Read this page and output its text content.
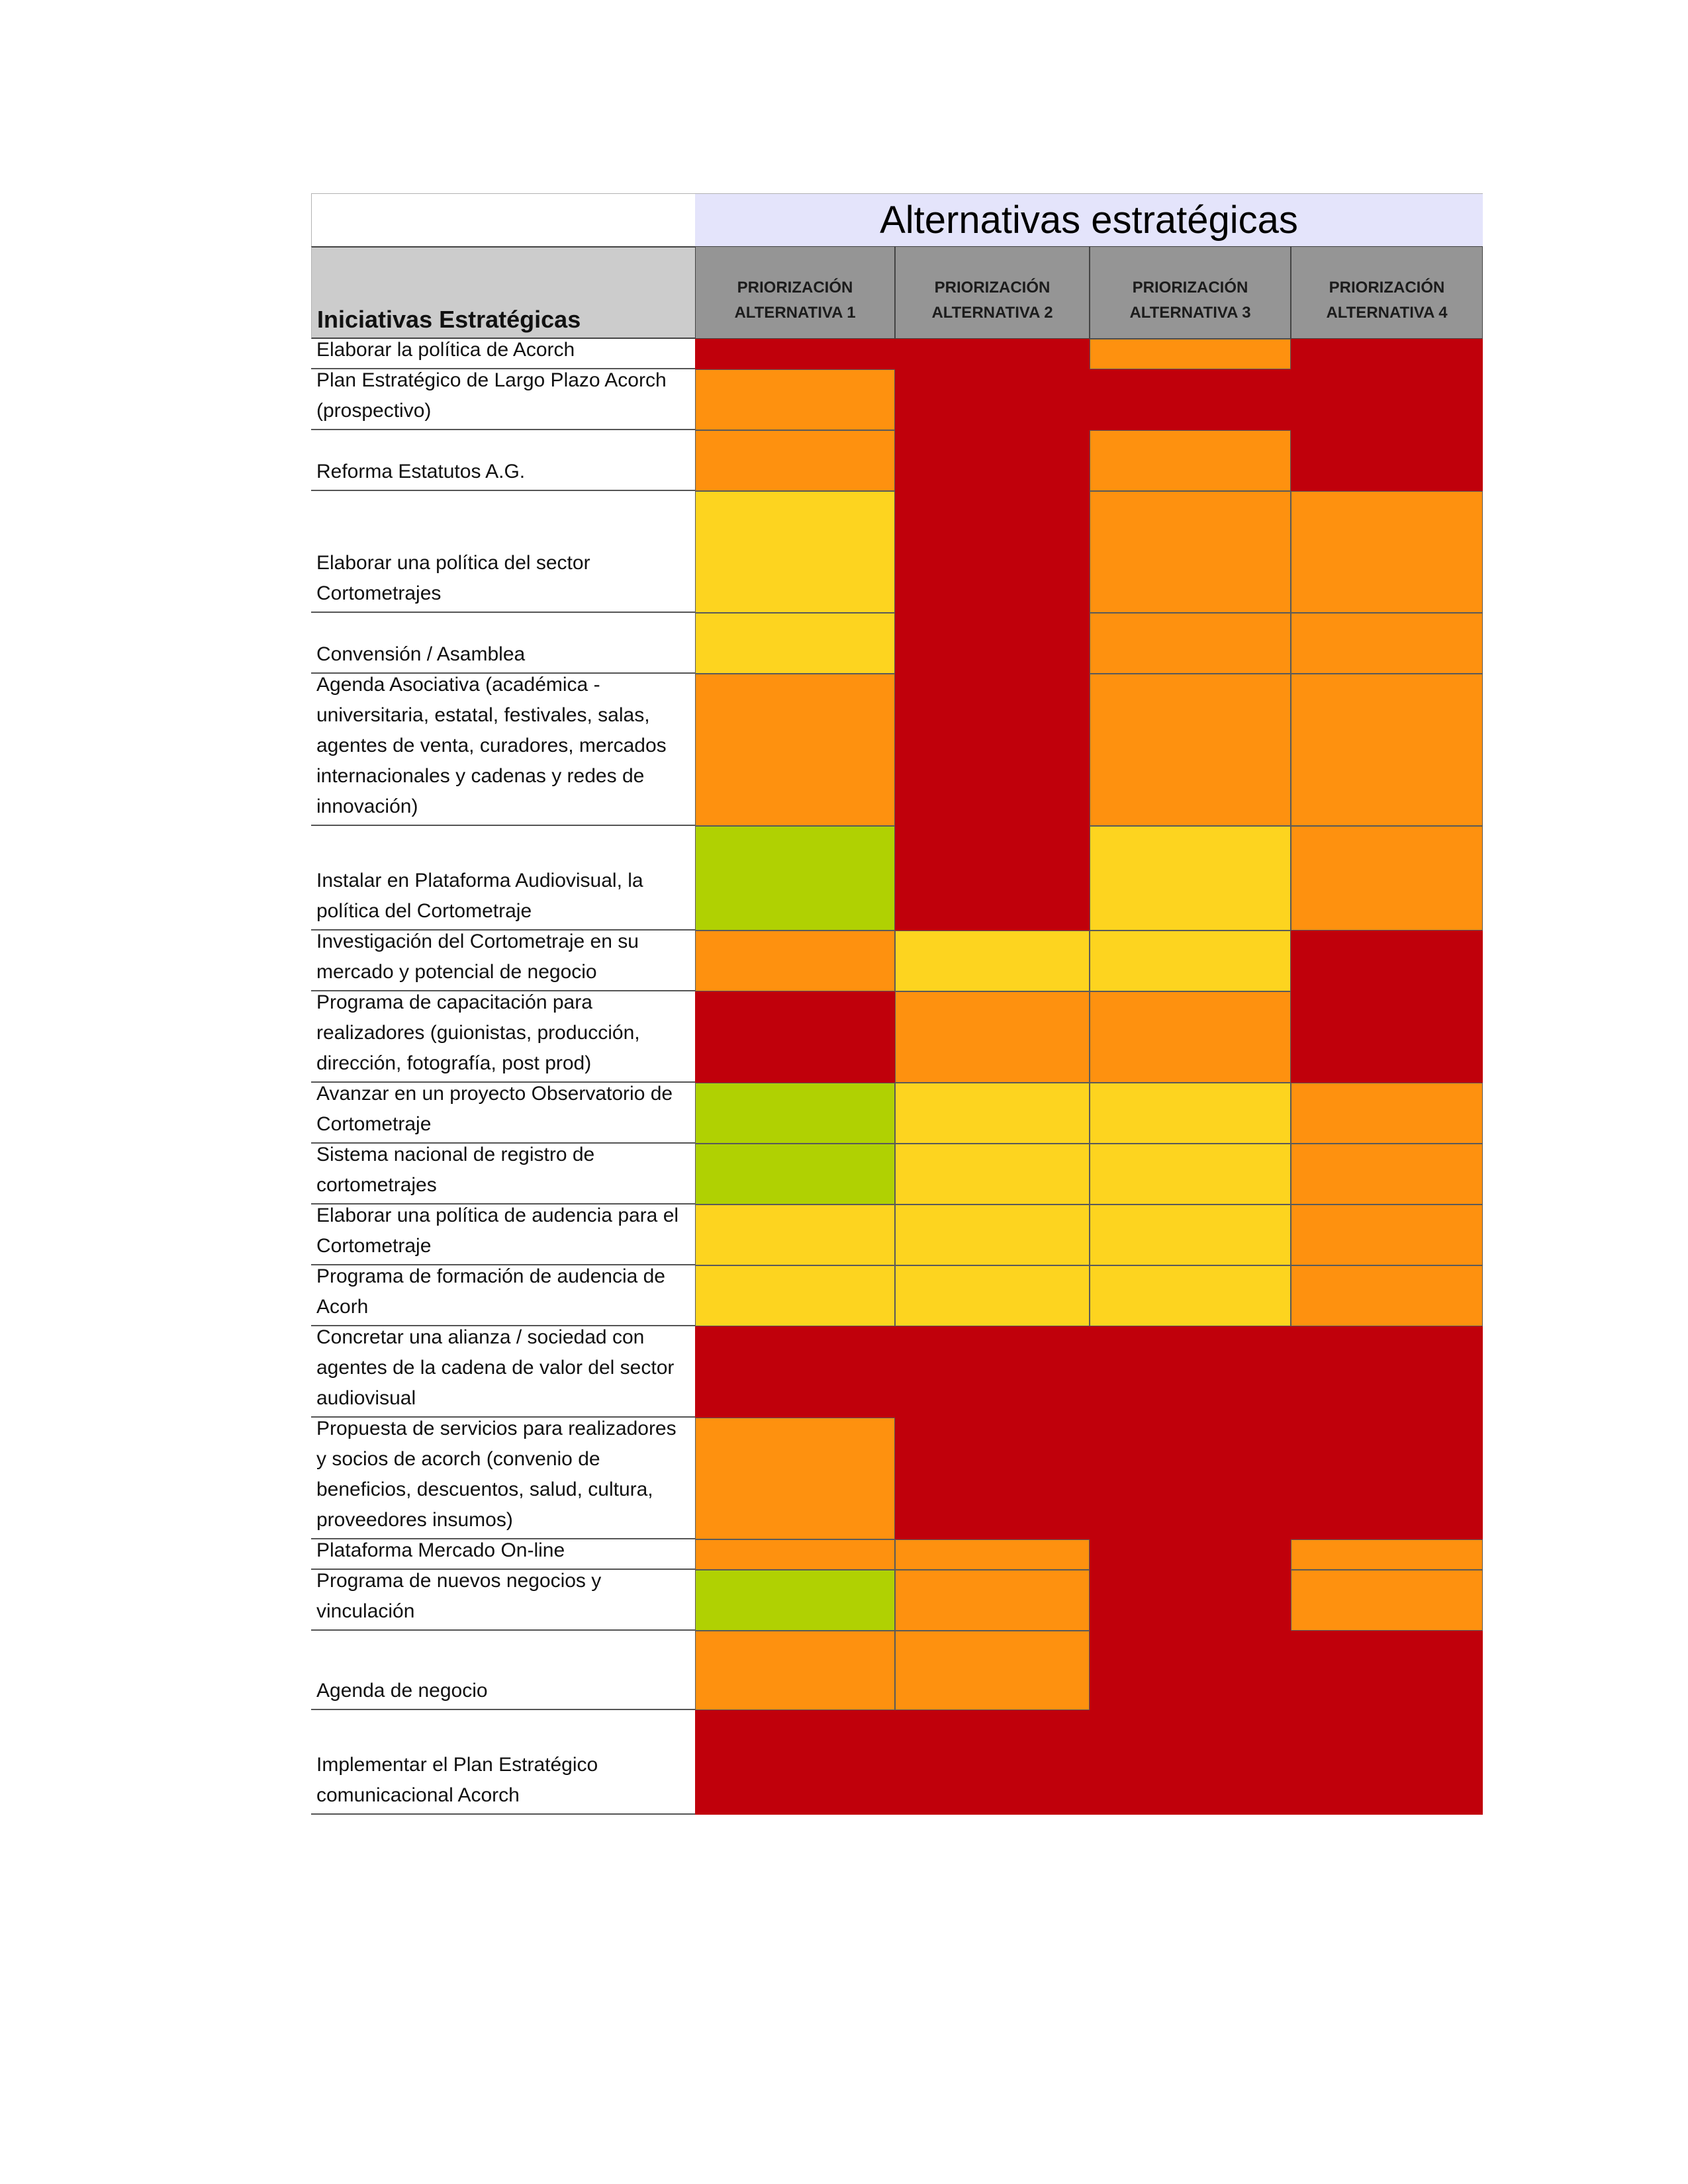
Alternativas estratégicas
Iniciativas Estratégicas
PRIORIZACIÓN
ALTERNATIVA 1
PRIORIZACIÓN
ALTERNATIVA 2
PRIORIZACIÓN
ALTERNATIVA 3
PRIORIZACIÓN
ALTERNATIVA 4
Elaborar la política de Acorch
Plan Estratégico de Largo Plazo Acorch (prospectivo)
Reforma Estatutos A.G.
Elaborar una política del sector Cortometrajes
Convensión / Asamblea
Agenda Asociativa (académica - universitaria, estatal, festivales, salas, agentes de venta, curadores, mercados internacionales y cadenas y redes de innovación)
Instalar en Plataforma Audiovisual, la política del Cortometraje
Investigación del Cortometraje en su mercado y potencial de negocio
Programa de capacitación para realizadores (guionistas, producción, dirección, fotografía, post prod)
Avanzar en un proyecto Observatorio de Cortometraje
Sistema nacional de registro de cortometrajes
Elaborar una política de audencia para el Cortometraje
Programa de formación de audencia de Acorh
Concretar una alianza / sociedad con agentes de la cadena de valor del sector audiovisual
Propuesta de servicios para realizadores y socios de acorch (convenio de beneficios, descuentos, salud, cultura, proveedores insumos)
Plataforma Mercado On-line
Programa de nuevos negocios y vinculación
Agenda de negocio
Implementar el Plan Estratégico comunicacional Acorch
